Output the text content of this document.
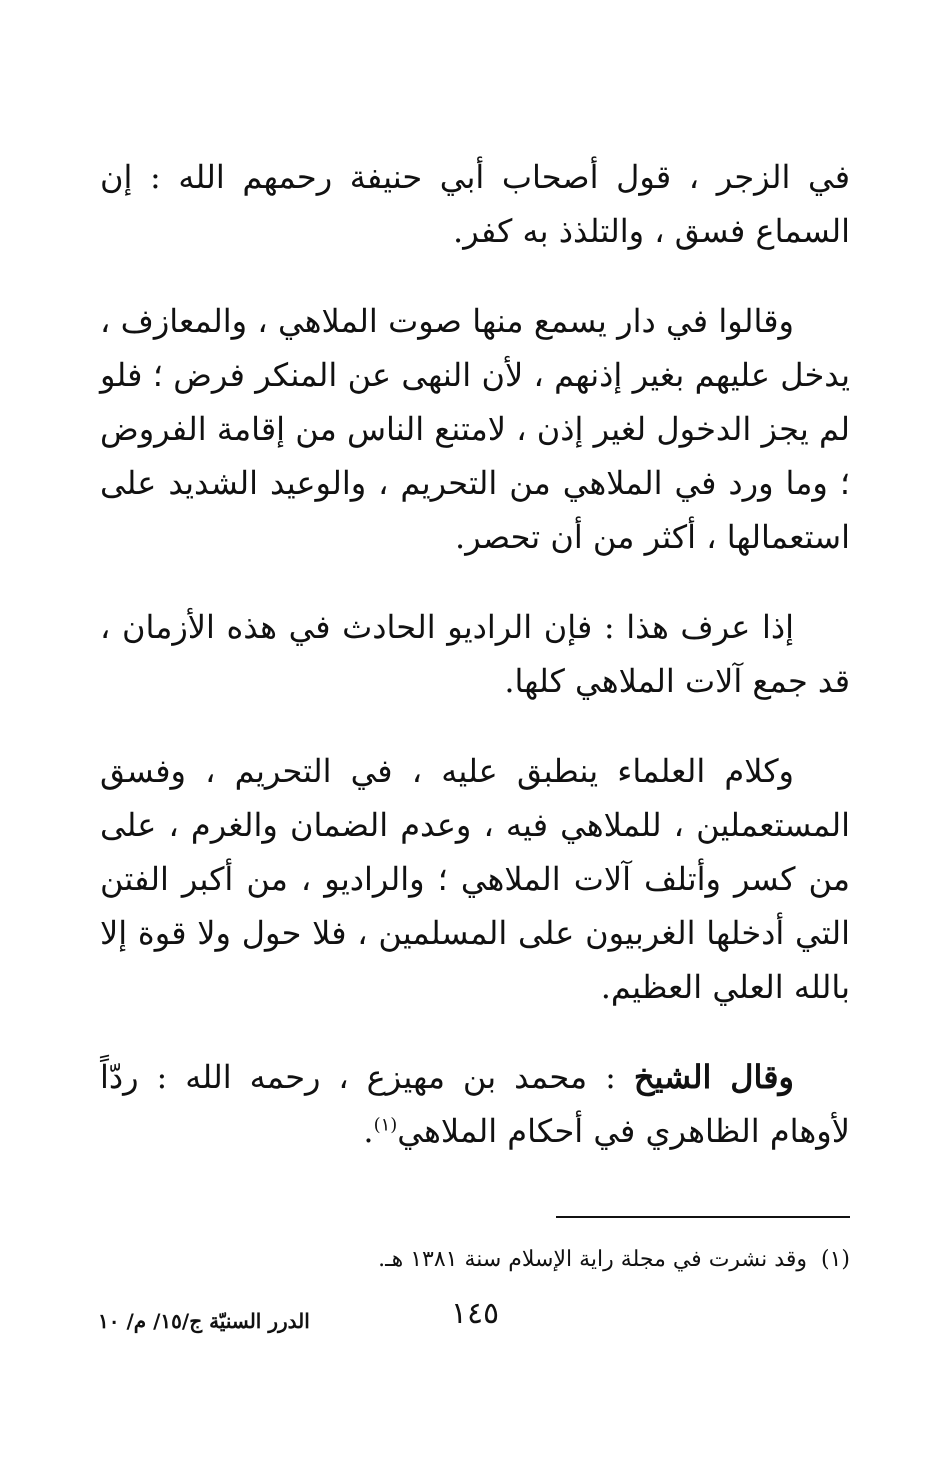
في الزجر ، قول أصحاب أبي حنيفة رحمهم الله : إن السماع فسق ، والتلذذ به كفر.

وقالوا في دار يسمع منها صوت الملاهي ، والمعازف ، يدخل عليهم بغير إذنهم ، لأن النهى عن المنكر فرض ؛ فلو لم يجز الدخول لغير إذن ، لامتنع الناس من إقامة الفروض ؛ وما ورد في الملاهي من التحريم ، والوعيد الشديد على استعمالها ، أكثر من أن تحصر.

إذا عرف هذا : فإن الراديو الحادث في هذه الأزمان ، قد جمع آلات الملاهي كلها.

وكلام العلماء ينطبق عليه ، في التحريم ، وفسق المستعملين ، للملاهي فيه ، وعدم الضمان والغرم ، على من كسر وأتلف آلات الملاهي ؛ والراديو ، من أكبر الفتن التي أدخلها الغربيون على المسلمين ، فلا حول ولا قوة إلا بالله العلي العظيم.

وقال الشيخ : محمد بن مهيزع ، رحمه الله : ردّاً لأوهام الظاهري في أحكام الملاهي$^{(١)}$.

(١)وقد نشرت في مجلة راية الإسلام سنة ١٣٨١ هـ.
١٤٥
الدرر السنيّة ج/١٥/ م/ ١٠
